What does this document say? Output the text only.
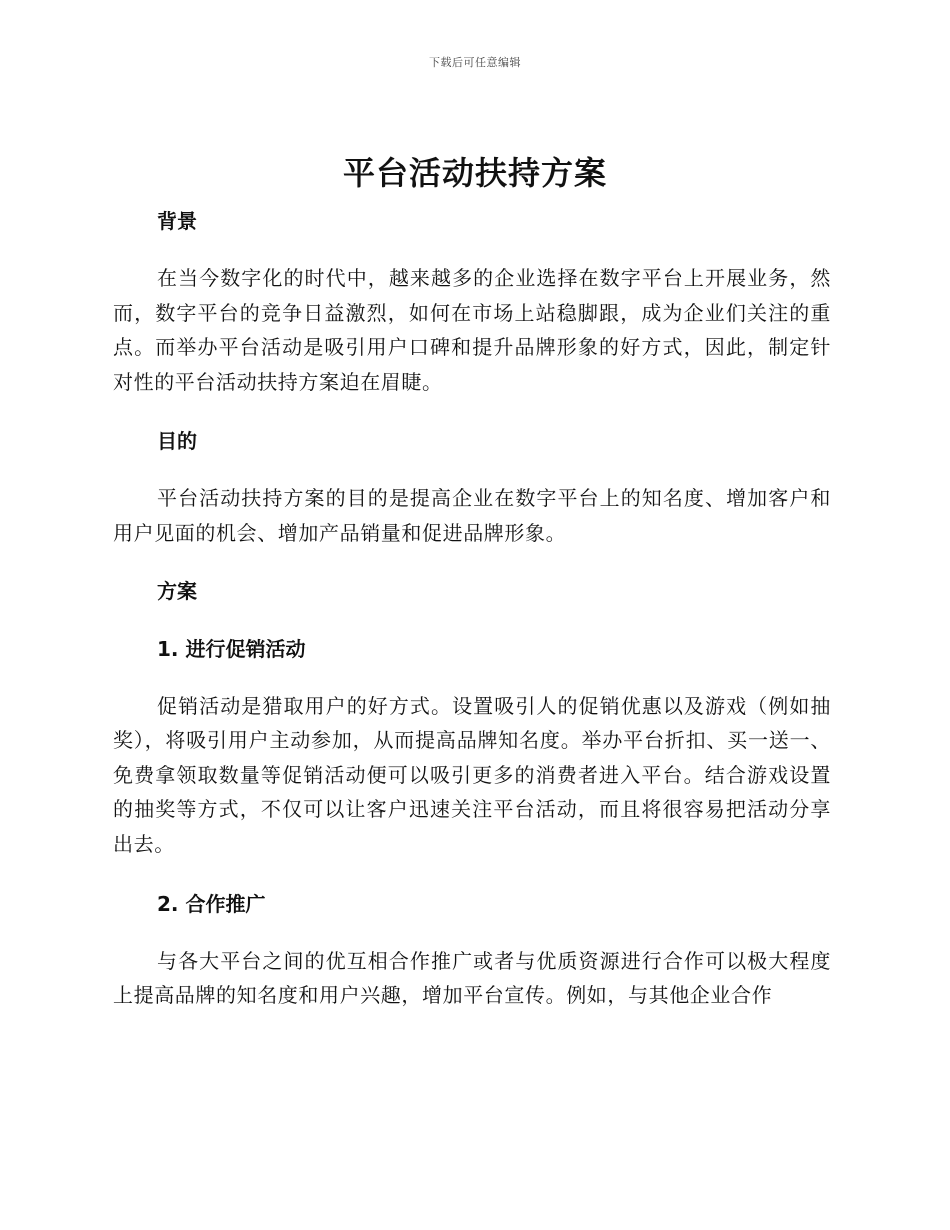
下载后可任意编辑
平台活动扶持方案
背景

在当今数字化的时代中，越来越多的企业选择在数字平台上开展业务，然而，数字平台的竞争日益激烈，如何在市场上站稳脚跟，成为企业们关注的重点。而举办平台活动是吸引用户口碑和提升品牌形象的好方式，因此，制定针对性的平台活动扶持方案迫在眉睫。

目的

平台活动扶持方案的目的是提高企业在数字平台上的知名度、增加客户和用户见面的机会、增加产品销量和促进品牌形象。

方案
1. 进行促销活动

促销活动是猎取用户的好方式。设置吸引人的促销优惠以及游戏（例如抽奖），将吸引用户主动参加，从而提高品牌知名度。举办平台折扣、买一送一、免费拿领取数量等促销活动便可以吸引更多的消费者进入平台。结合游戏设置的抽奖等方式，不仅可以让客户迅速关注平台活动，而且将很容易把活动分享出去。

2. 合作推广

与各大平台之间的优互相合作推广或者与优质资源进行合作可以极大程度上提高品牌的知名度和用户兴趣，增加平台宣传。例如，与其他企业合作
